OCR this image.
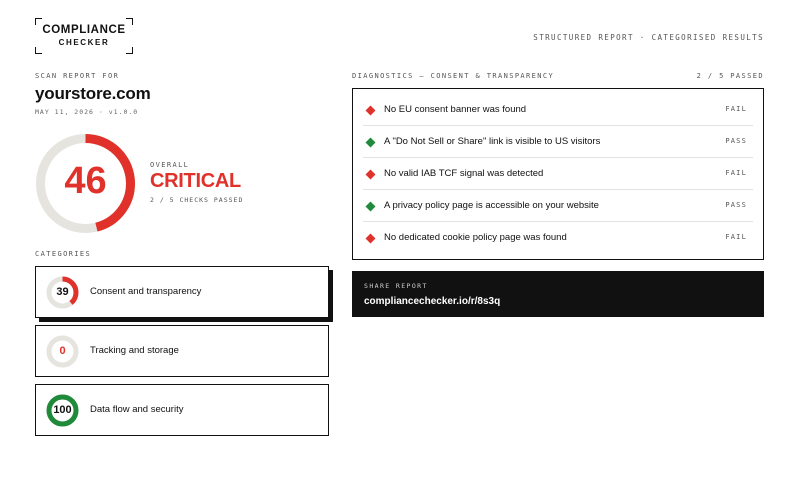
COMPLIANCE
CHECKER
STRUCTURED REPORT · CATEGORISED RESULTS
SCAN REPORT FOR
yourstore.com
MAY 11, 2026 · v1.0.0
46	OVERALL
CRITICAL
2 / 5 CHECKS PASSED
CATEGORIES
39	Consent and transparency
0	Tracking and storage
100	Data flow and security
DIAGNOSTICS — CONSENT & TRANSPARENCY	2 / 5 PASSED
No EU consent banner was found	FAIL
A "Do Not Sell or Share" link is visible to US visitors	PASS
No valid IAB TCF signal was detected	FAIL
A privacy policy page is accessible on your website	PASS
No dedicated cookie policy page was found	FAIL
SHARE REPORT
compliancechecker.io/r/8s3q
